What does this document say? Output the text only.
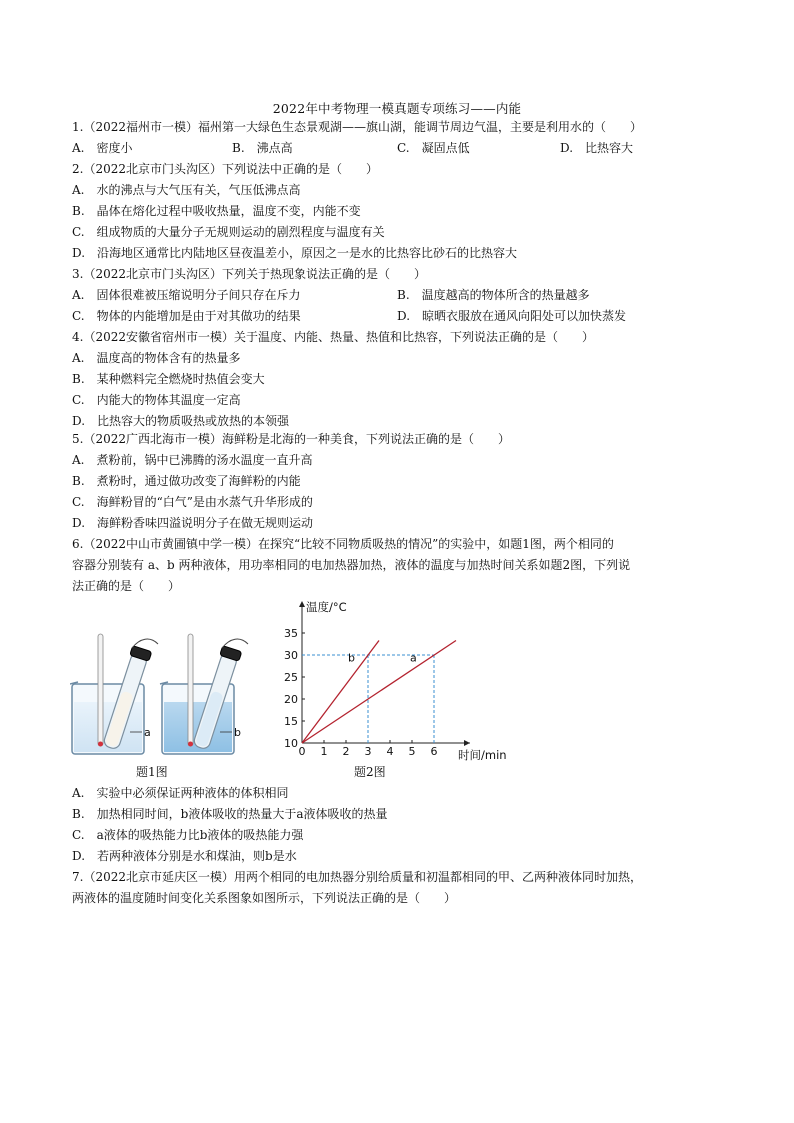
2022年中考物理一模真题专项练习——内能
1.（2022福州市一模）福州第一大绿色生态景观湖——旗山湖，能调节周边气温，主要是利用水的（　　）
A.　密度小	B.　沸点高	C.　凝固点低	D.　比热容大
2.（2022北京市门头沟区）下列说法中正确的是（　　）
A.　水的沸点与大气压有关，气压低沸点高
B.　晶体在熔化过程中吸收热量，温度不变，内能不变
C.　组成物质的大量分子无规则运动的剧烈程度与温度有关
D.　沿海地区通常比内陆地区昼夜温差小，原因之一是水的比热容比砂石的比热容大
3.（2022北京市门头沟区）下列关于热现象说法正确的是（　　）
A.　固体很难被压缩说明分子间只存在斥力	B.　温度越高的物体所含的热量越多
C.　物体的内能增加是由于对其做功的结果	D.　晾晒衣服放在通风向阳处可以加快蒸发
4.（2022安徽省宿州市一模）关于温度、内能、热量、热值和比热容，下列说法正确的是（　　）
A.　温度高的物体含有的热量多
B.　某种燃料完全燃烧时热值会变大
C.　内能大的物体其温度一定高
D.　比热容大的物质吸热或放热的本领强
5.（2022广西北海市一模）海鲜粉是北海的一种美食，下列说法正确的是（　　）
A.　煮粉前，锅中已沸腾的汤水温度一直升高
B.　煮粉时，通过做功改变了海鲜粉的内能
C.　海鲜粉冒的“白气”是由水蒸气升华形成的
D.　海鲜粉香味四溢说明分子在做无规则运动
6.（2022中山市黄圃镇中学一模）在探究“比较不同物质吸热的情况”的实验中，如题1图，两个相同的
容器分别装有 a、b 两种液体，用功率相同的电加热器加热，液体的温度与加热时间关系如题2图，下列说
法正确的是（　　）
a	b
题1图
0 1 2 3 4 5 6
10
15
20
25
30
35
温度/°C
时间/min
a
b
题2图
A.　实验中必须保证两种液体的体积相同
B.　加热相同时间，b液体吸收的热量大于a液体吸收的热量
C.　a液体的吸热能力比b液体的吸热能力强
D.　若两种液体分别是水和煤油，则b是水
7.（2022北京市延庆区一模）用两个相同的电加热器分别给质量和初温都相同的甲、乙两种液体同时加热，
两液体的温度随时间变化关系图象如图所示，下列说法正确的是（　　）
